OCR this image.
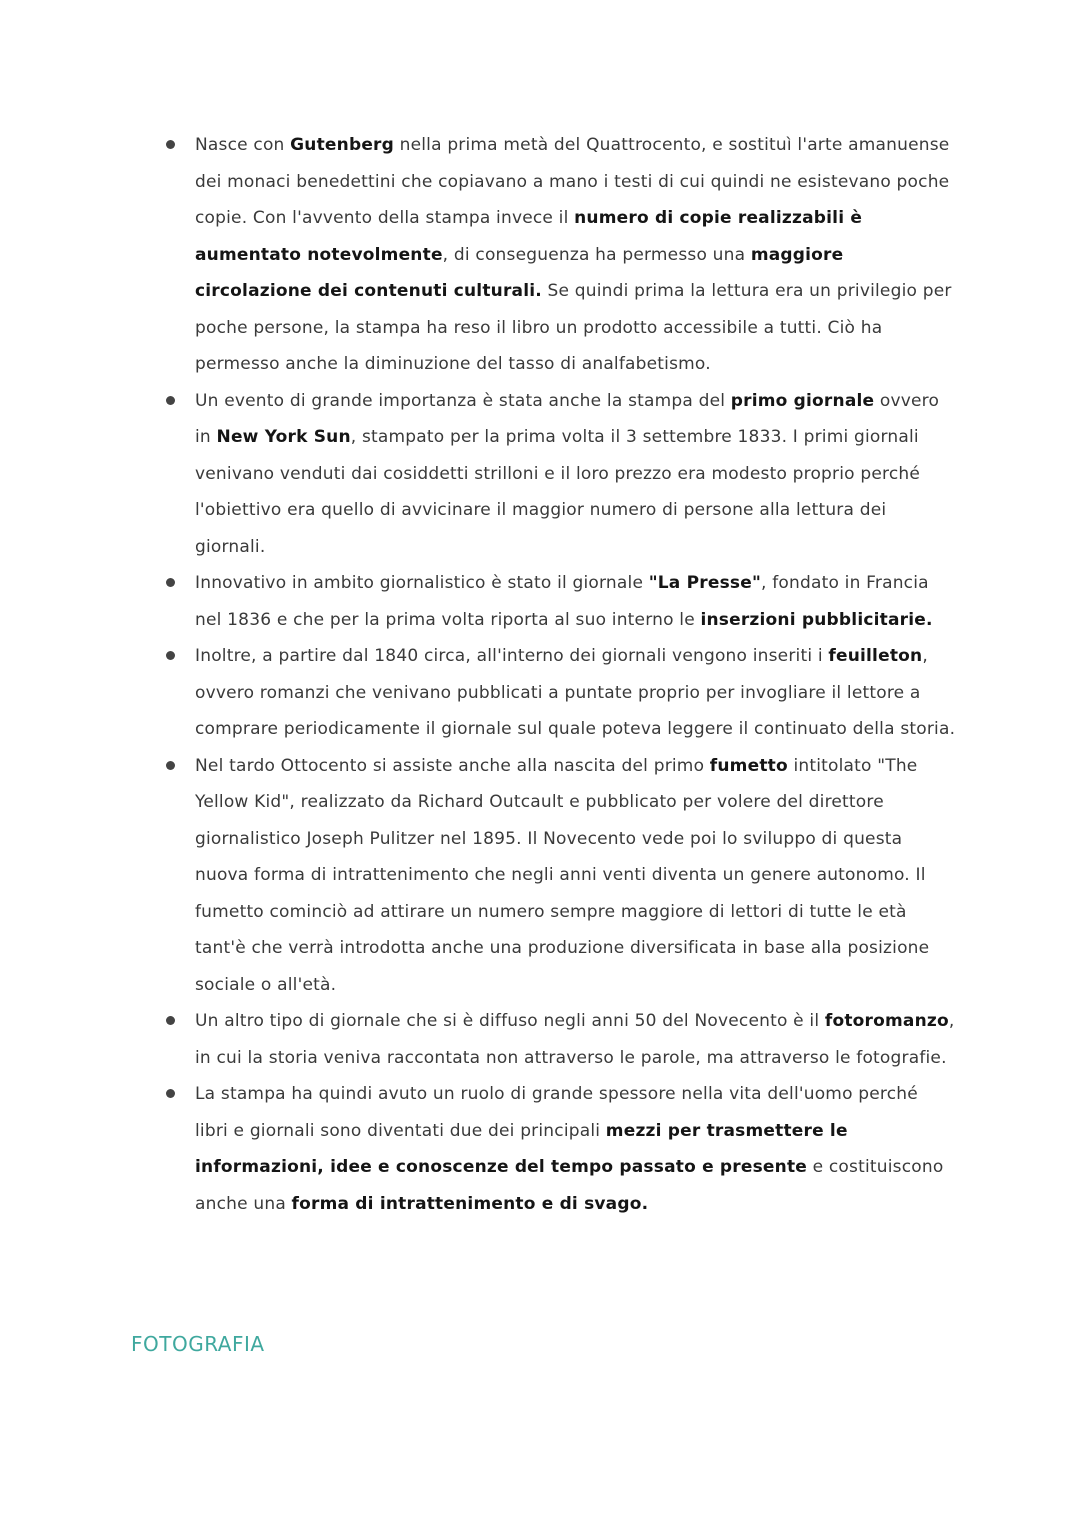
Nasce con Gutenberg nella prima metà del Quattrocento, e sostituì l'arte amanuense dei monaci benedettini che copiavano a mano i testi di cui quindi ne esistevano poche copie. Con l'avvento della stampa invece il numero di copie realizzabili è aumentato notevolmente, di conseguenza ha permesso una maggiore circolazione dei contenuti culturali. Se quindi prima la lettura era un privilegio per poche persone, la stampa ha reso il libro un prodotto accessibile a tutti. Ciò ha permesso anche la diminuzione del tasso di analfabetismo.
Un evento di grande importanza è stata anche la stampa del primo giornale ovvero in New York Sun, stampato per la prima volta il 3 settembre 1833. I primi giornali venivano venduti dai cosiddetti strilloni e il loro prezzo era modesto proprio perché l'obiettivo era quello di avvicinare il maggior numero di persone alla lettura dei giornali.
Innovativo in ambito giornalistico è stato il giornale "La Presse", fondato in Francia nel 1836 e che per la prima volta riporta al suo interno le inserzioni pubblicitarie.
Inoltre, a partire dal 1840 circa, all'interno dei giornali vengono inseriti i feuilleton, ovvero romanzi che venivano pubblicati a puntate proprio per invogliare il lettore a comprare periodicamente il giornale sul quale poteva leggere il continuato della storia.
Nel tardo Ottocento si assiste anche alla nascita del primo fumetto intitolato "The Yellow Kid", realizzato da Richard Outcault e pubblicato per volere del direttore giornalistico Joseph Pulitzer nel 1895. Il Novecento vede poi lo sviluppo di questa nuova forma di intrattenimento che negli anni venti diventa un genere autonomo. Il fumetto cominciò ad attirare un numero sempre maggiore di lettori di tutte le età tant'è che verrà introdotta anche una produzione diversificata in base alla posizione sociale o all'età.
Un altro tipo di giornale che si è diffuso negli anni 50 del Novecento è il fotoromanzo, in cui la storia veniva raccontata non attraverso le parole, ma attraverso le fotografie.
La stampa ha quindi avuto un ruolo di grande spessore nella vita dell'uomo perché libri e giornali sono diventati due dei principali mezzi per trasmettere le informazioni, idee e conoscenze del tempo passato e presente e costituiscono anche una forma di intrattenimento e di svago.
FOTOGRAFIA
